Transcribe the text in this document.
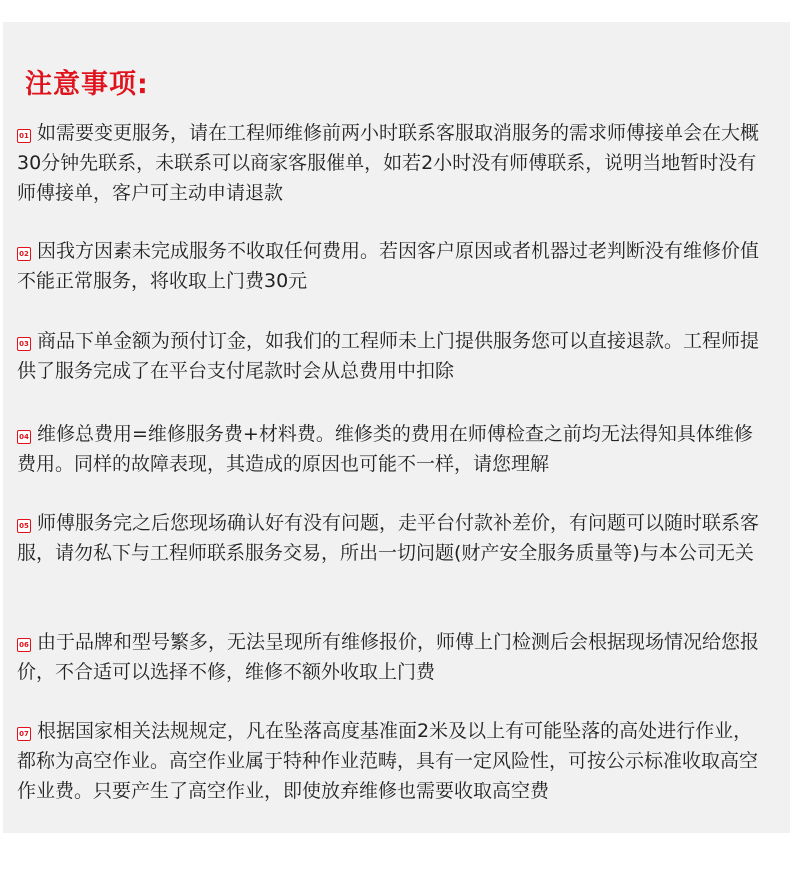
注意事项:
01 如需要变更服务，请在工程师维修前两小时联系客服取消服务的需求师傅接单会在大概30分钟先联系，未联系可以商家客服催单，如若2小时没有师傅联系，说明当地暂时没有师傅接单，客户可主动申请退款
02 因我方因素未完成服务不收取任何费用。若因客户原因或者机器过老判断没有维修价值不能正常服务，将收取上门费30元
03 商品下单金额为预付订金，如我们的工程师未上门提供服务您可以直接退款。工程师提供了服务完成了在平台支付尾款时会从总费用中扣除
04 维修总费用=维修服务费+材料费。维修类的费用在师傅检查之前均无法得知具体维修费用。同样的故障表现，其造成的原因也可能不一样，请您理解
05 师傅服务完之后您现场确认好有没有问题，走平台付款补差价，有问题可以随时联系客服，请勿私下与工程师联系服务交易，所出一切问题(财产安全服务质量等)与本公司无关
06 由于品牌和型号繁多，无法呈现所有维修报价，师傅上门检测后会根据现场情况给您报价，不合适可以选择不修，维修不额外收取上门费
07 根据国家相关法规规定，凡在坠落高度基准面2米及以上有可能坠落的高处进行作业，都称为高空作业。高空作业属于特种作业范畴，具有一定风险性，可按公示标准收取高空作业费。只要产生了高空作业，即使放弃维修也需要收取高空费
